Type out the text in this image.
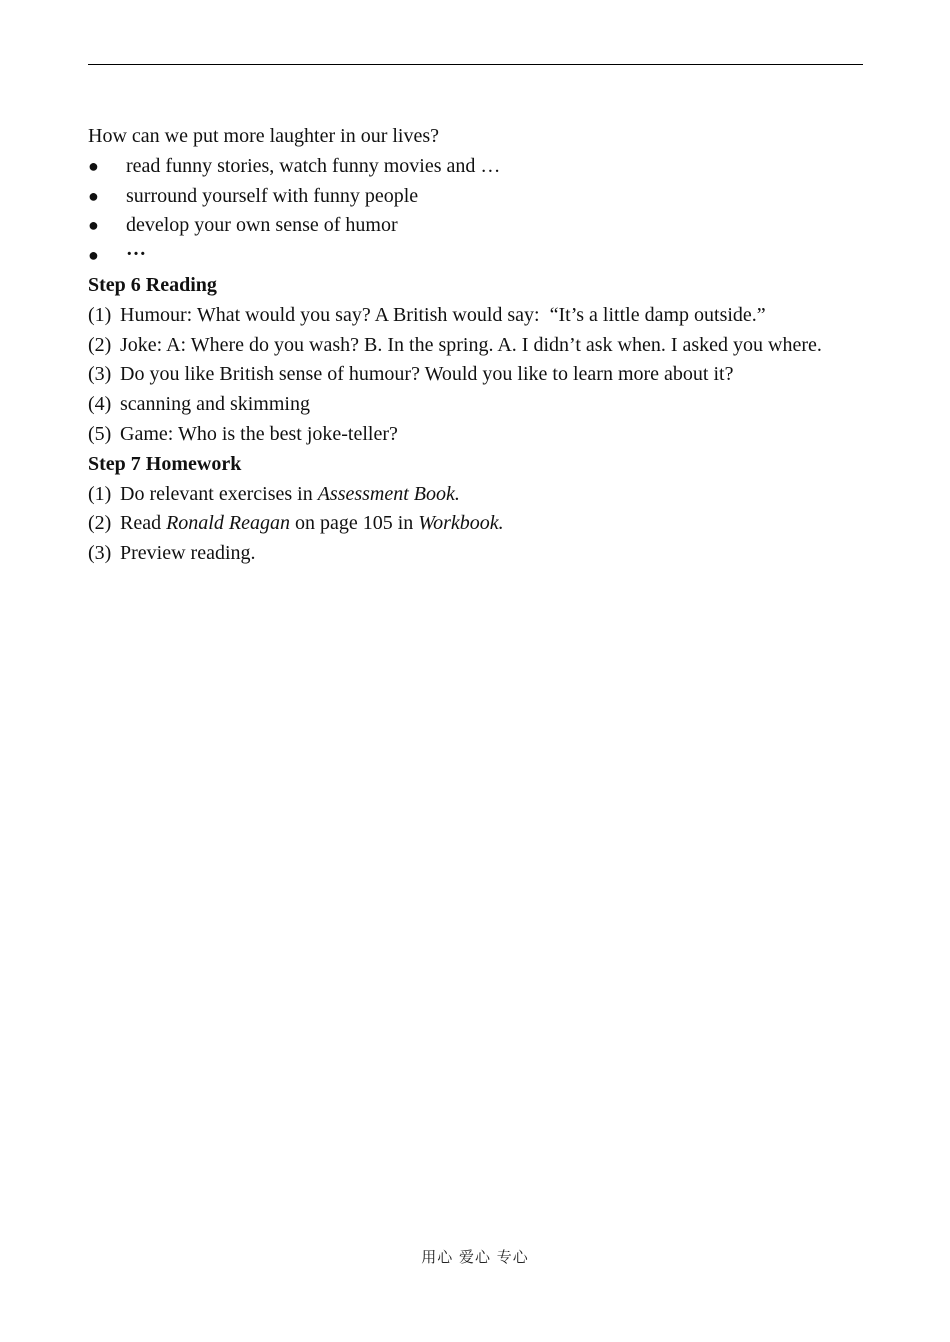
How can we put more laughter in our lives?
●	read funny stories, watch funny movies and …
●	surround yourself with funny people
●	develop your own sense of humor
●	…
Step 6 Reading
(1) Humour: What would you say? A British would say:  “It’s a little damp outside.”
(2) Joke: A: Where do you wash? B. In the spring. A. I didn’t ask when. I asked you where.
(3) Do you like British sense of humour? Would you like to learn more about it?
(4) scanning and skimming
(5) Game: Who is the best joke-teller?
Step 7 Homework
(1) Do relevant exercises in Assessment Book.
(2) Read Ronald Reagan on page 105 in Workbook.
(3) Preview reading.
用心 爱心 专心
